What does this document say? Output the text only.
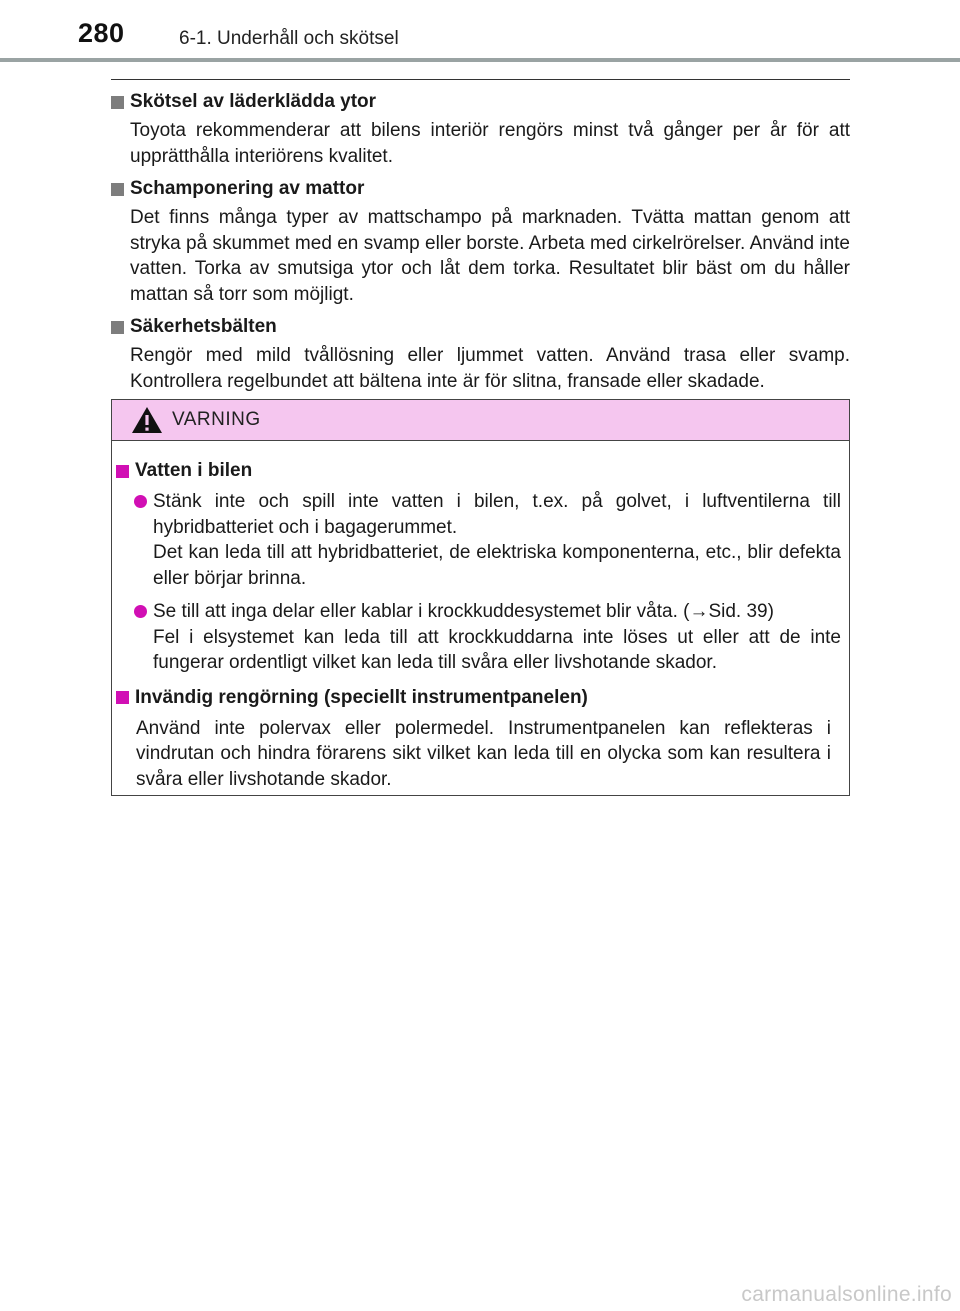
280	6-1. Underhåll och skötsel
Skötsel av läderklädda ytor
Toyota rekommenderar att bilens interiör rengörs minst två gånger per år för att upprätthålla interiörens kvalitet.
Schamponering av mattor
Det finns många typer av mattschampo på marknaden. Tvätta mattan genom att stryka på skummet med en svamp eller borste. Arbeta med cirkelrörelser. Använd inte vatten. Torka av smutsiga ytor och låt dem torka. Resultatet blir bäst om du håller mattan så torr som möjligt.
Säkerhetsbälten
Rengör med mild tvållösning eller ljummet vatten. Använd trasa eller svamp. Kontrollera regelbundet att bältena inte är för slitna, fransade eller skadade.
VARNING
Vatten i bilen
Stänk inte och spill inte vatten i bilen, t.ex. på golvet, i luftventilerna till hybridbatteriet och i bagagerummet.
Det kan leda till att hybridbatteriet, de elektriska komponenterna, etc., blir defekta eller börjar brinna.
Se till att inga delar eller kablar i krockkuddesystemet blir våta. (→Sid. 39)
Fel i elsystemet kan leda till att krockkuddarna inte löses ut eller att de inte fungerar ordentligt vilket kan leda till svåra eller livshotande skador.
Invändig rengörning (speciellt instrumentpanelen)
Använd inte polervax eller polermedel. Instrumentpanelen kan reflekteras i vindrutan och hindra förarens sikt vilket kan leda till en olycka som kan resultera i svåra eller livshotande skador.
carmanualsonline.info
